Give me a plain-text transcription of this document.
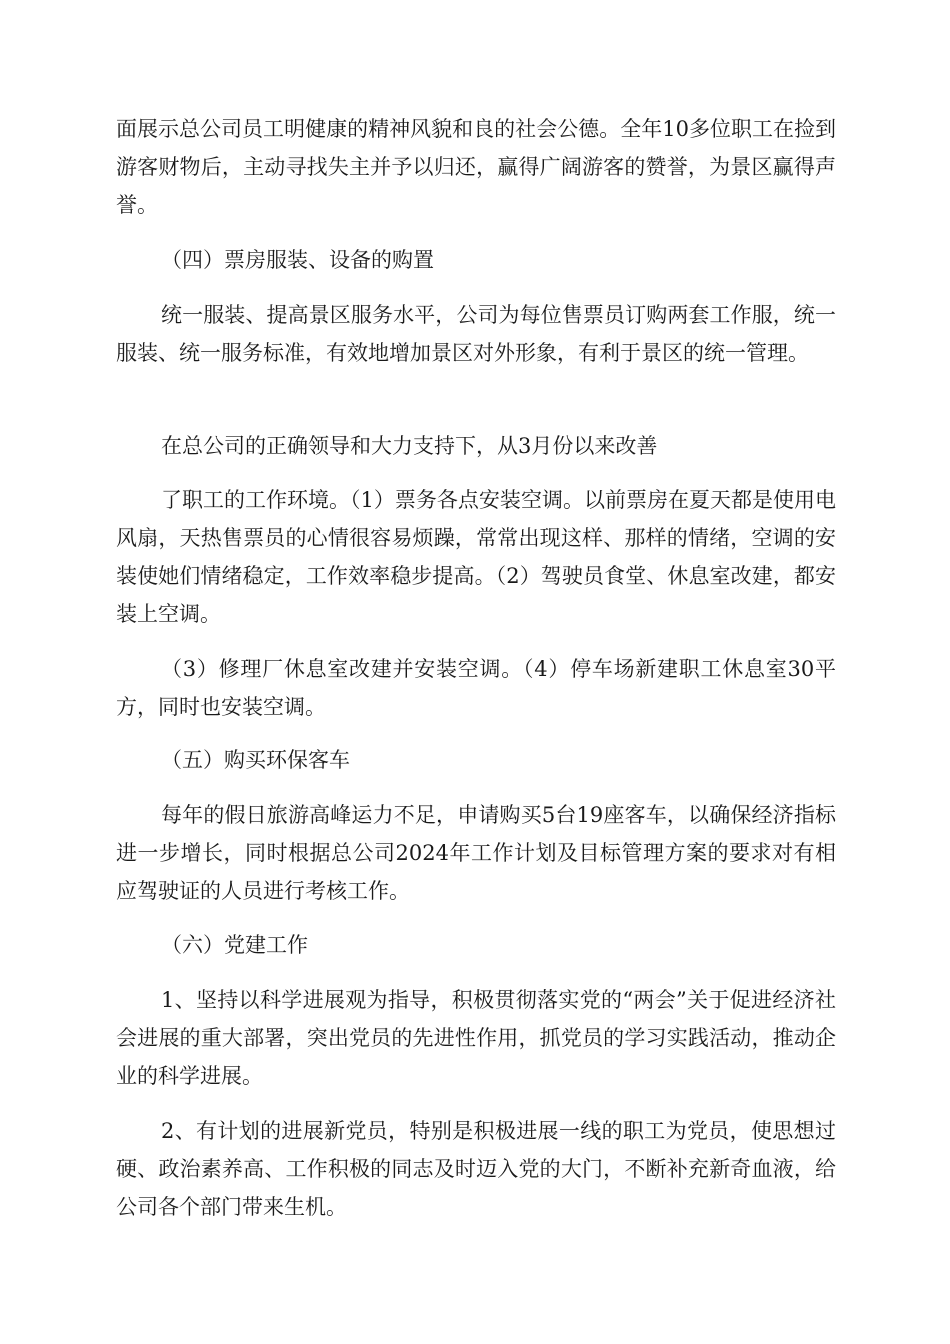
面展示总公司员工明健康的精神风貌和良的社会公德。全年10多位职工在捡到游客财物后，主动寻找失主并予以归还，赢得广阔游客的赞誉，为景区赢得声誉。

（四）票房服装、设备的购置

统一服装、提高景区服务水平，公司为每位售票员订购两套工作服，统一服装、统一服务标准，有效地增加景区对外形象，有利于景区的统一管理。

在总公司的正确领导和大力支持下，从3月份以来改善

了职工的工作环境。（1）票务各点安装空调。以前票房在夏天都是使用电风扇，天热售票员的心情很容易烦躁，常常出现这样、那样的情绪，空调的安装使她们情绪稳定，工作效率稳步提高。（2）驾驶员食堂、休息室改建，都安装上空调。

（3）修理厂休息室改建并安装空调。（4）停车场新建职工休息室30平方，同时也安装空调。

（五）购买环保客车

每年的假日旅游高峰运力不足，申请购买5台19座客车，以确保经济指标进一步增长，同时根据总公司2024年工作计划及目标管理方案的要求对有相应驾驶证的人员进行考核工作。

（六）党建工作

1、坚持以科学进展观为指导，积极贯彻落实党的“两会”关于促进经济社会进展的重大部署，突出党员的先进性作用，抓党员的学习实践活动，推动企业的科学进展。

2、有计划的进展新党员，特别是积极进展一线的职工为党员，使思想过硬、政治素养高、工作积极的同志及时迈入党的大门，不断补充新奇血液，给公司各个部门带来生机。
